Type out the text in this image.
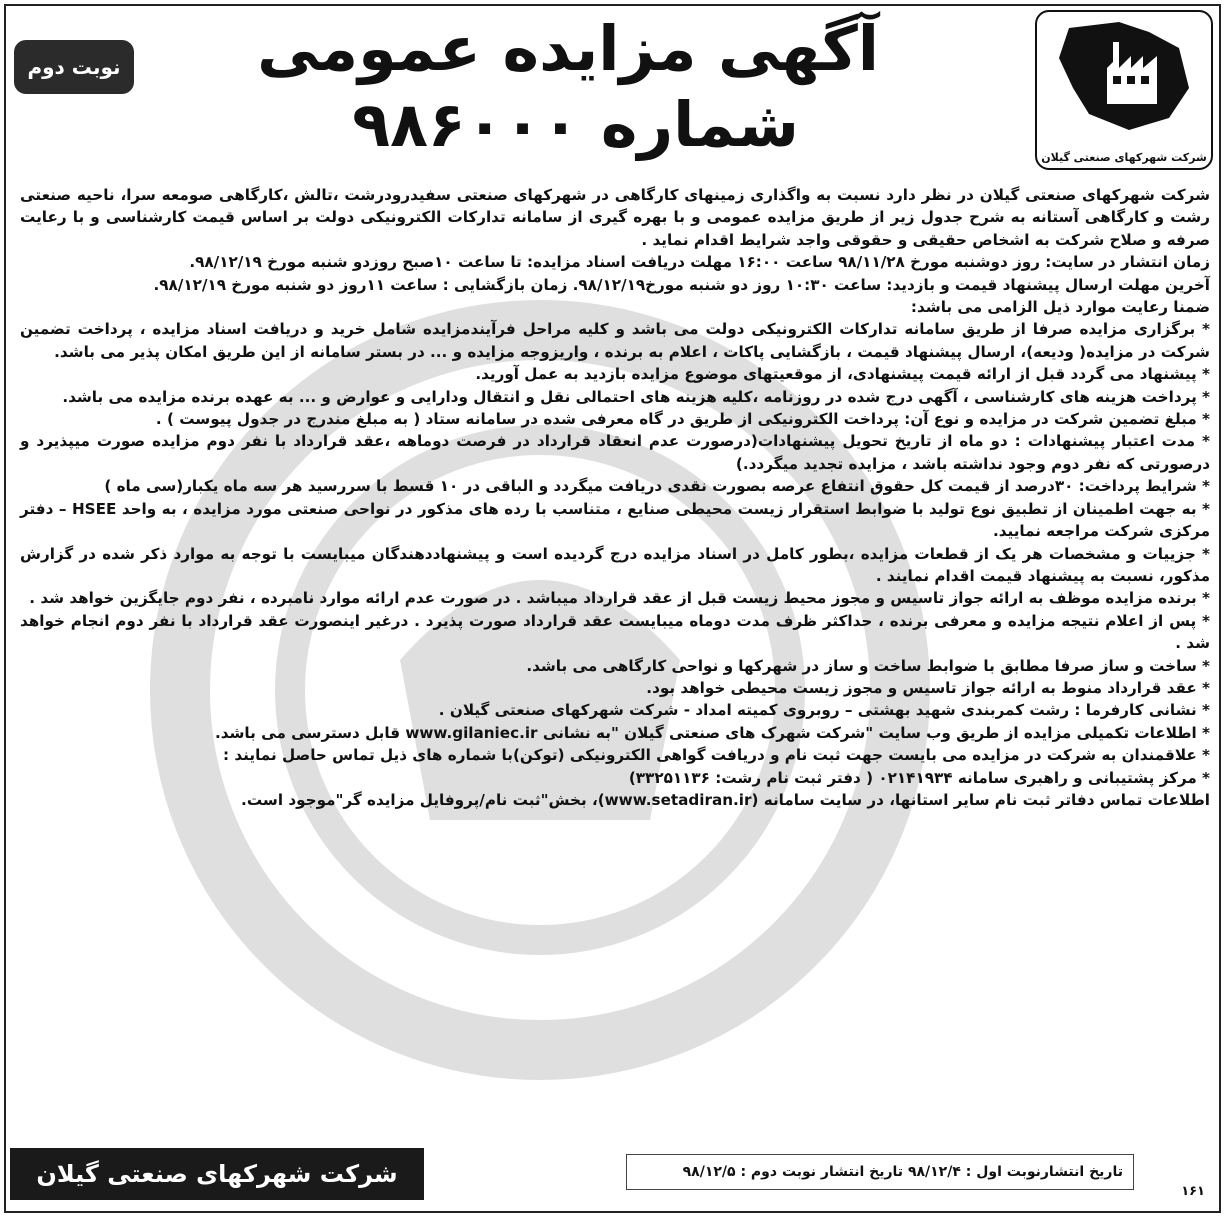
شرکت شهرکهای صنعتی گیلان
آگهی مزایده عمومی
شماره ۹۸۶۰۰۰
نوبت دوم

شرکت شهرکهای صنعتی گیلان در نظر دارد نسبت به واگذاری زمینهای کارگاهی در شهرکهای صنعتی سفیدرودرشت ،تالش ،کارگاهی صومعه سرا، ناحیه صنعتی رشت و کارگاهی آستانه به شرح جدول زیر از طریق مزایده عمومی و با بهره گیری از سامانه تدارکات الکترونیکی دولت بر اساس قیمت کارشناسی و با رعایت صرفه و صلاح شرکت به اشخاص حقیقی و حقوقی واجد شرایط اقدام نماید .

زمان انتشار در سایت: روز دوشنبه مورخ ۹۸/۱۱/۲۸ ساعت ۱۶:۰۰ مهلت دریافت اسناد مزایده: تا ساعت ۱۰صبح روزدو شنبه مورخ ۹۸/۱۲/۱۹.

آخرین مهلت ارسال پیشنهاد قیمت و بازدید: ساعت ۱۰:۳۰ روز دو شنبه مورخ۹۸/۱۲/۱۹. زمان بازگشایی : ساعت ۱۱روز دو شنبه مورخ ۹۸/۱۲/۱۹.

ضمنا رعایت موارد ذیل الزامی می باشد:

* برگزاری مزایده صرفا از طریق سامانه تدارکات الکترونیکی دولت می باشد و کلیه مراحل فرآیندمزایده شامل خرید و دریافت اسناد مزایده ، پرداخت تضمین شرکت در مزایده( ودیعه)، ارسال پیشنهاد قیمت ، بازگشایی پاکات ، اعلام به برنده ، واریزوجه مزایده و ... در بستر سامانه از این طریق امکان پذیر می باشد.

* پیشنهاد می گردد قبل از ارائه قیمت پیشنهادی، از موقعیتهای موضوع مزایده بازدید به عمل آورید.

* پرداخت هزینه های کارشناسی ، آگهی درج شده در روزنامه ،کلیه هزینه های احتمالی نقل و انتقال ودارایی و عوارض و ... به عهده برنده مزایده می باشد.

* مبلغ تضمین شرکت در مزایده و نوع آن: پرداخت الکترونیکی از طریق در گاه معرفی شده در سامانه ستاد ( به مبلغ مندرج در جدول پیوست ) .

* مدت اعتبار پیشنهادات : دو ماه از تاریخ تحویل پیشنهادات(درصورت عدم انعقاد قرارداد در فرصت دوماهه ،عقد قرارداد با نفر دوم مزایده صورت میپذیرد و درصورتی که نفر دوم وجود نداشته باشد ، مزایده تجدید میگردد.)

* شرایط پرداخت: ۳۰درصد از قیمت کل حقوق انتفاع عرصه بصورت نقدی دریافت میگردد و الباقی در ۱۰ قسط با سررسید هر سه ماه یکبار(سی ماه )

* به جهت اطمینان از تطبیق نوع تولید با ضوابط استقرار زیست محیطی صنایع ، متناسب با رده های مذکور در نواحی صنعتی مورد مزایده ، به واحد HSEE – دفتر مرکزی شرکت مراجعه نمایید.

* جزییات و مشخصات هر یک از قطعات مزایده ،بطور کامل در اسناد مزایده درج گردیده است و پیشنهاددهندگان میبایست با توجه به موارد ذکر شده در گزارش مذکور، نسبت به پیشنهاد قیمت اقدام نمایند .

* برنده مزایده موظف به ارائه جواز تاسیس و مجوز محیط زیست قبل از عقد قرارداد میباشد . در صورت عدم ارائه موارد نامبرده ، نفر دوم جایگزین خواهد شد .

* پس از اعلام نتیجه مزایده و معرفی برنده ، حداکثر ظرف مدت دوماه میبایست عقد قرارداد صورت پذیرد . درغیر اینصورت عقد قرارداد با نفر دوم انجام خواهد شد .

* ساخت و ساز صرفا مطابق با ضوابط ساخت و ساز در شهرکها و نواحی کارگاهی می باشد.

* عقد قرارداد منوط به ارائه جواز تاسیس و مجوز زیست محیطی خواهد بود.

* نشانی کارفرما : رشت کمربندی شهید بهشتی – روبروی کمیته امداد - شرکت شهرکهای صنعتی گیلان .

* اطلاعات تکمیلی مزایده از طریق وب سایت "شرکت شهرک های صنعتی گیلان "به نشانی www.gilaniec.ir قابل دسترسی می باشد.

* علاقمندان به شرکت در مزایده می بایست جهت ثبت نام و دریافت گواهی الکترونیکی (توکن)با شماره های ذیل تماس حاصل نمایند :

* مرکز پشتیبانی و راهبری سامانه ۰۲۱۴۱۹۳۴ ( دفتر ثبت نام رشت: ۳۳۲۵۱۱۳۶)

اطلاعات تماس دفاتر ثبت نام سایر استانها، در سایت سامانه (www.setadiran.ir)، بخش"ثبت نام/پروفایل مزایده گر"موجود است.

شرکت شهرکهای صنعتی گیلان	تاریخ انتشارنوبت اول : ۹۸/۱۲/۴ تاریخ انتشار نوبت دوم : ۹۸/۱۲/۵
۱۶۱
